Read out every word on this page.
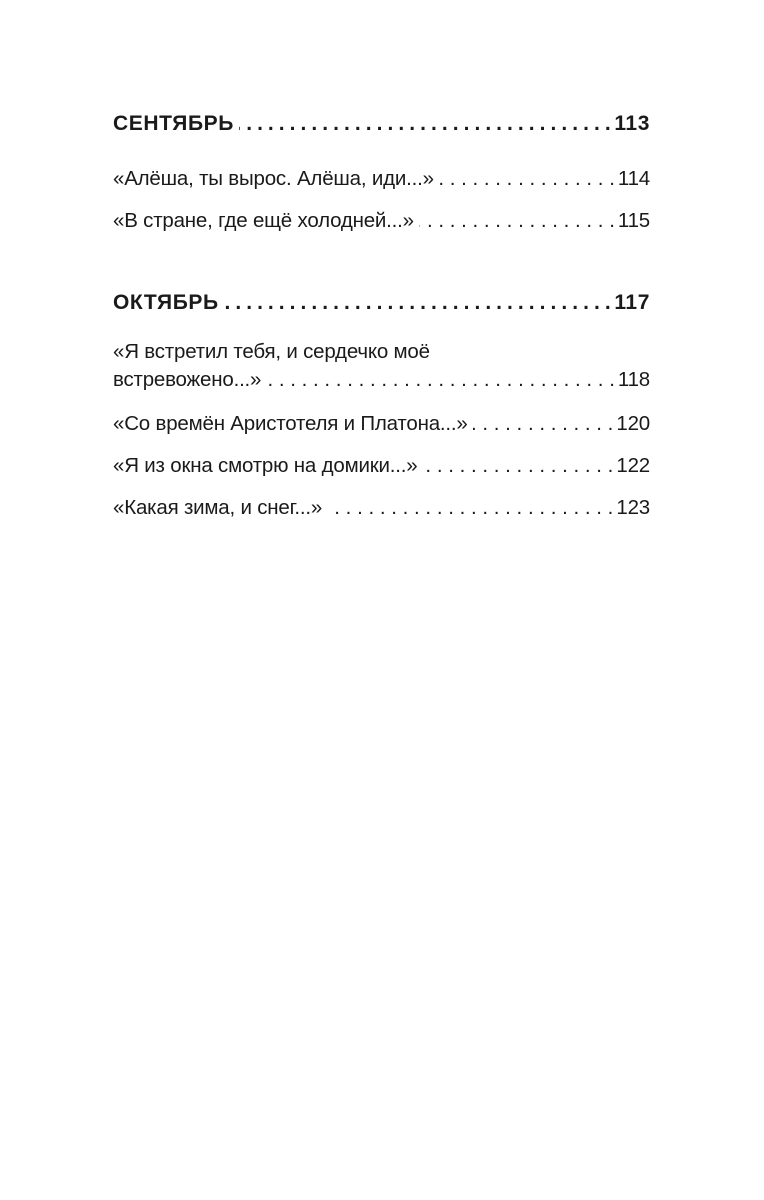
СЕНТЯБРЬ . . .	113
«Алёша, ты вырос. Алёша, иди...» . . .	114
«В стране, где ещё холодней...» . . .	115
ОКТЯБРЬ . . .	117
«Я встретил тебя, и сердечко моё
встревожено...» . . .	118
«Со времён Аристотеля и Платона...» . . .	120
«Я из окна смотрю на домики...» . . .	122
«Какая зима, и снег...» . . .	123
